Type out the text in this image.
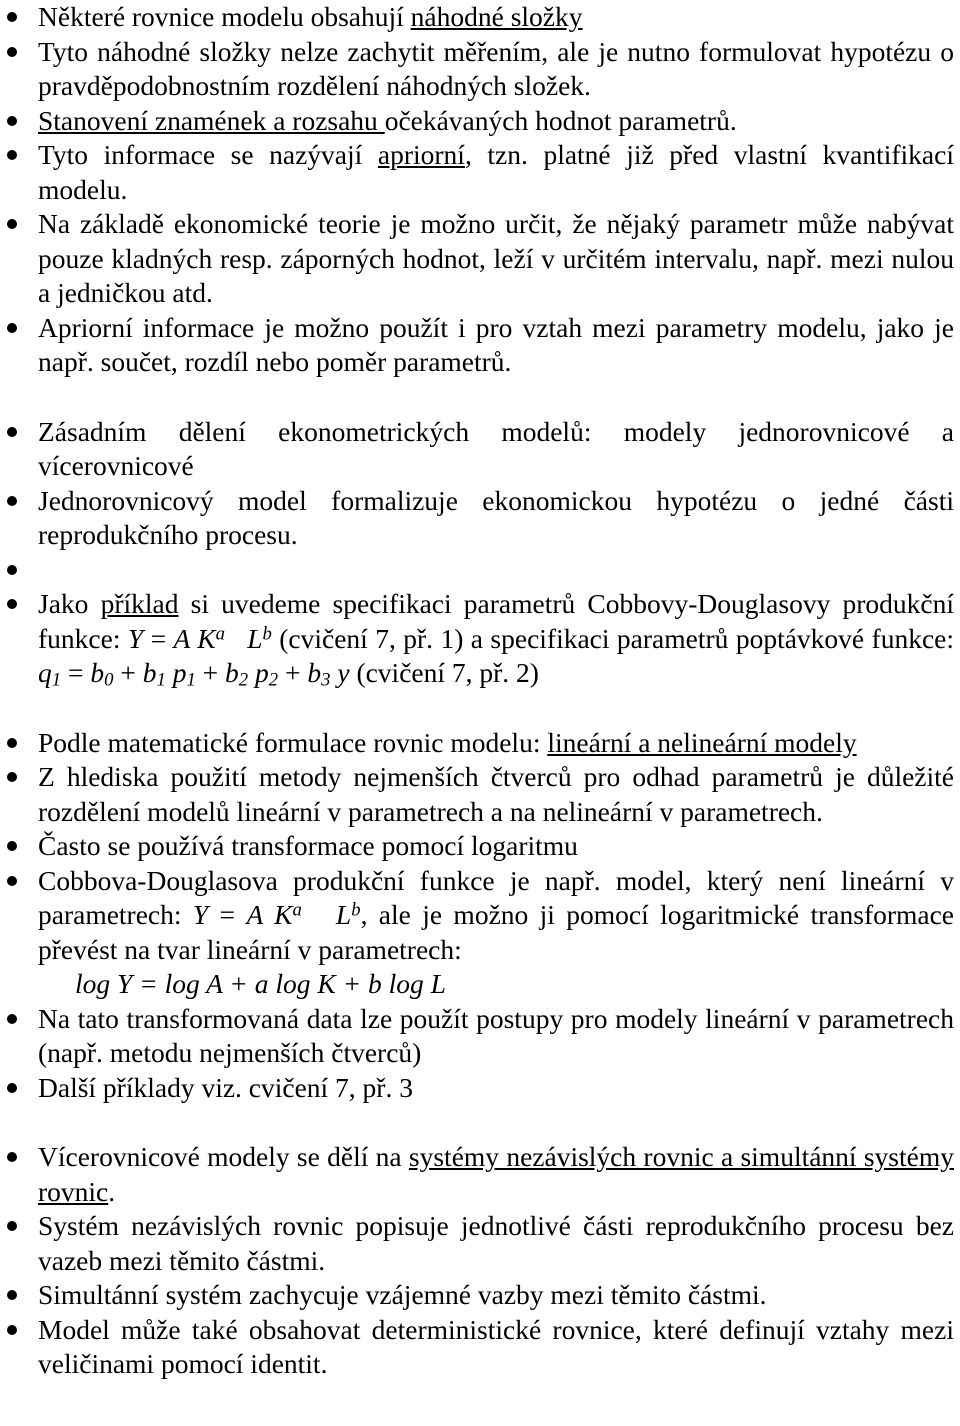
Některé rovnice modelu obsahují náhodné složky
Tyto náhodné složky nelze zachytit měřením, ale je nutno formulovat hypotézu o pravděpodobnostním rozdělení náhodných složek.
Stanovení znamének a rozsahu očekávaných hodnot parametrů.
Tyto informace se nazývají apriorní, tzn. platné již před vlastní kvantifikací modelu.
Na základě ekonomické teorie je možno určit, že nějaký parametr může nabývat pouze kladných resp. záporných hodnot, leží v určitém intervalu, např. mezi nulou a jedničkou atd.
Apriorní informace je možno použít i pro vztah mezi parametry modelu, jako je např. součet, rozdíl nebo poměr parametrů.
Zásadním dělení ekonometrických modelů: modely jednorovnicové a vícerovnicové
Jednorovnicový model formalizuje ekonomickou hypotézu o jedné části reprodukčního procesu.

Jako příklad si uvedeme specifikaci parametrů Cobbovy-Douglasovy produkční funkce: Y = A $K^a$ $L^b$ (cvičení 7, př. 1) a specifikaci parametrů poptávkové funkce: $q_1 = b_0 + b_1$ $p_1 + b_2$ $p_2 + b_3$ y (cvičení 7, př. 2)
Podle matematické formulace rovnic modelu: lineární a nelineární modely
Z hlediska použití metody nejmenších čtverců pro odhad parametrů je důležité rozdělení modelů lineární v parametrech a na nelineární v parametrech.
Často se používá transformace pomocí logaritmu
Cobbova-Douglasova produkční funkce je např. model, který není lineární v parametrech: Y = A $K^a$ $L^b$, ale je možno ji pomocí logaritmické transformace převést na tvar lineární v parametrech:
log Y = log A + a log K + b log L
Na tato transformovaná data lze použít postupy pro modely lineární v parametrech (např. metodu nejmenších čtverců)
Další příklady viz. cvičení 7, př. 3
Vícerovnicové modely se dělí na systémy nezávislých rovnic a simultánní systémy rovnic.
Systém nezávislých rovnic popisuje jednotlivé části reprodukčního procesu bez vazeb mezi těmito částmi.
Simultánní systém zachycuje vzájemné vazby mezi těmito částmi.
Model může také obsahovat deterministické rovnice, které definují vztahy mezi veličinami pomocí identit.
